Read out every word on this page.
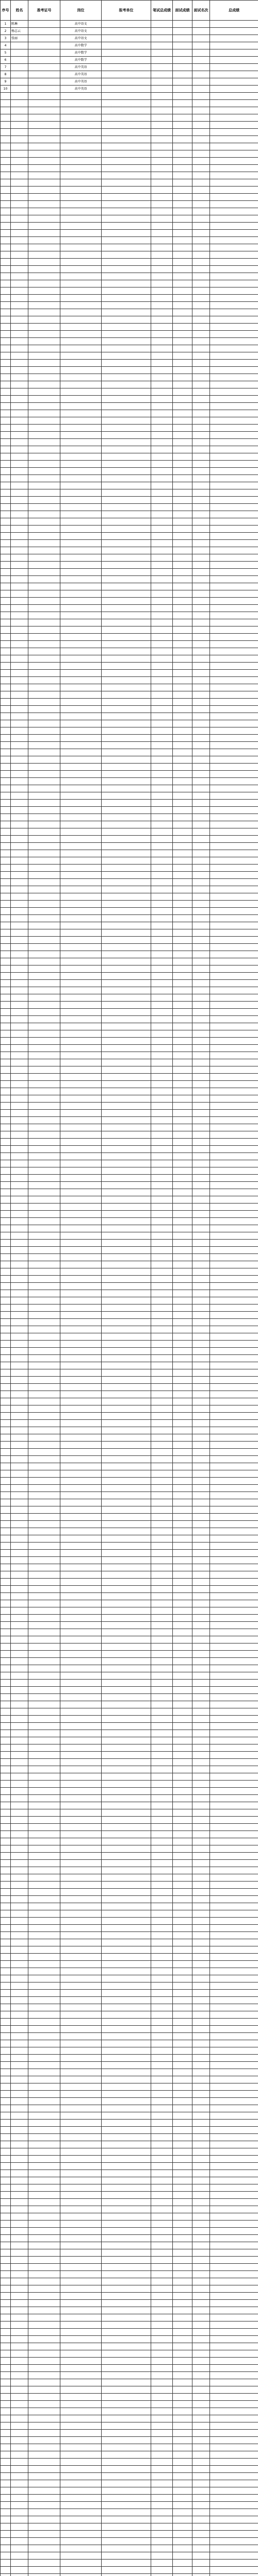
序号	姓名	准考证号	岗位	报考单位	笔试总成绩	面试成绩	面试名次	总成绩
1	陈琳		高中语文					
2	杨志云		高中语文					
3	张丽		高中语文					
4			高中数学					
5			高中数学					
6			高中数学					
7			高中英语					
8			高中英语					
9			高中英语					
10			高中英语					
